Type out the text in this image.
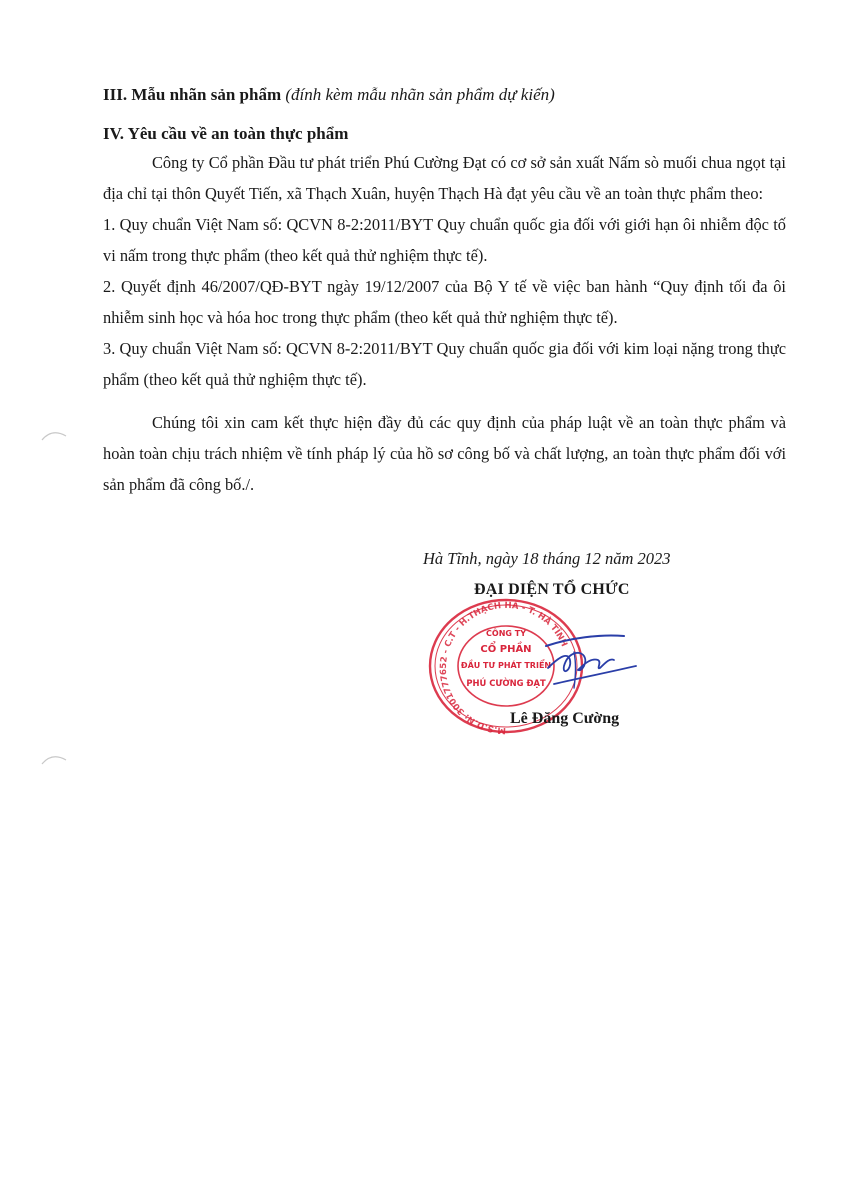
III. Mẫu nhãn sản phẩm (đính kèm mẫu nhãn sản phẩm dự kiến)
IV. Yêu cầu về an toàn thực phẩm

Công ty Cổ phần Đầu tư phát triển Phú Cường Đạt có cơ sở sản xuất Nấm sò muối chua ngọt tại địa chỉ tại thôn Quyết Tiến, xã Thạch Xuân, huyện Thạch Hà đạt yêu cầu về an toàn thực phẩm theo:

1. Quy chuẩn Việt Nam số: QCVN 8-2:2011/BYT Quy chuẩn quốc gia đối với giới hạn ôi nhiễm độc tố vi nấm trong thực phẩm (theo kết quả thử nghiệm thực tế).

2. Quyết định 46/2007/QĐ-BYT ngày 19/12/2007 của Bộ Y tế về việc ban hành “Quy định tối đa ôi nhiễm sinh học và hóa hoc trong thực phẩm (theo kết quả thử nghiệm thực tế).

3. Quy chuẩn Việt Nam số: QCVN 8-2:2011/BYT Quy chuẩn quốc gia đối với kim loại nặng trong thực phẩm (theo kết quả thử nghiệm thực tế).

Chúng tôi xin cam kết thực hiện đầy đủ các quy định của pháp luật về an toàn thực phẩm và hoàn toàn chịu trách nhiệm về tính pháp lý của hồ sơ công bố và chất lượng, an toàn thực phẩm đối với sản phẩm đã công bố./.

Hà Tĩnh, ngày 18 tháng 12 năm 2023
ĐẠI DIỆN TỔ CHỨC
M.S.D.N: 3001777652 - C.T - H.THẠCH HÀ - T. HÀ TĨNH
CÔNG TY
CỔ PHẦN
ĐẦU TƯ PHÁT TRIỂN
PHÚ CƯỜNG ĐẠT
Lê Đăng Cường
